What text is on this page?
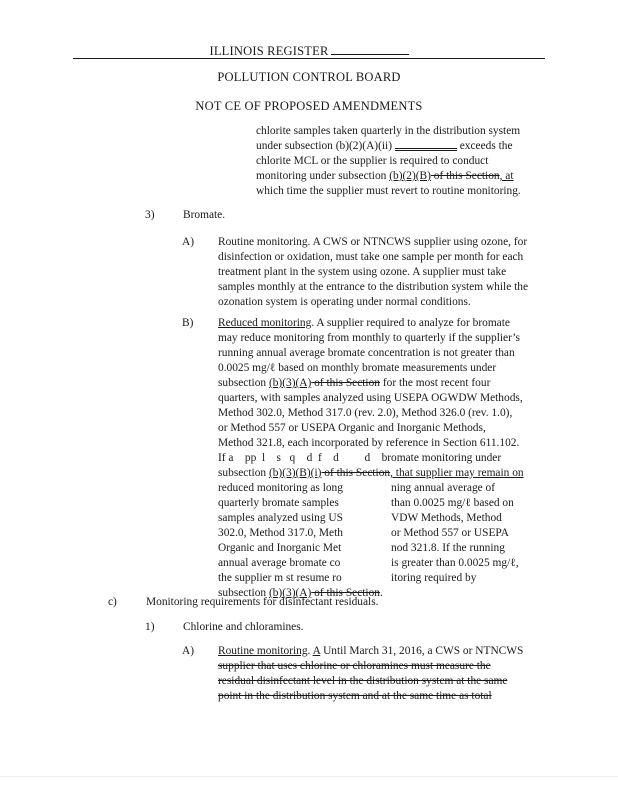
ILLINOIS REGISTER
POLLUTION CONTROL BOARD
NOT CE OF PROPOSED AMENDMENTS
chlorite samples taken quarterly in the distribution system
under subsection (b)(2)(A)(ii)	exceeds the
chlorite MCL or the supplier is required to conduct
monitoring under subsection (b)(2)(B) of this Section, at
which time the supplier must revert to routine monitoring.
3)	Bromate.
A) Routine monitoring. A CWS or NTNCWS supplier using ozone, for
disinfection or oxidation, must take one sample per month for each
treatment plant in the system using ozone. A supplier must take
samples monthly at the entrance to the distribution system while the
ozonation system is operating under normal conditions.
B) Reduced monitoring. A supplier required to analyze for bromate
may reduce monitoring from monthly to quarterly if the supplier’s
running annual average bromate concentration is not greater than
0.0025 mg/ℓ based on monthly bromate measurements under
subsection (b)(3)(A) of this Section for the most recent four
quarters, with samples analyzed using USEPA OGWDW Methods,
Method 302.0, Method 317.0 (rev. 2.0), Method 326.0 (rev. 1.0),
or Method 557 or USEPA Organic and Inorganic Methods,
Method 321.8, each incorporated by reference in Section 611.102.
If a    pp  l    s   q    d  f    d         d    bromate monitoring under
subsection (b)(3)(B)(i) of this Section, that supplier may remain on
reduced monitoring as long	ning annual average of
quarterly bromate samples	than 0.0025 mg/ℓ based on
samples analyzed using US	VDW Methods, Method
302.0, Method 317.0, Meth	or Method 557 or USEPA
Organic and Inorganic Met	nod 321.8. If the running
annual average bromate co	is greater than 0.0025 mg/ℓ,
the supplier m st resume ro	itoring required by
subsection (b)(3)(A) of this Section.
c)	Monitoring requirements for disinfectant residuals.
1)	Chlorine and chloramines.
A) Routine monitoring. A Until March 31, 2016, a CWS or NTNCWS
supplier that uses chlorine or chloramines must measure the
residual disinfectant level in the distribution system at the same
point in the distribution system and at the same time as total
